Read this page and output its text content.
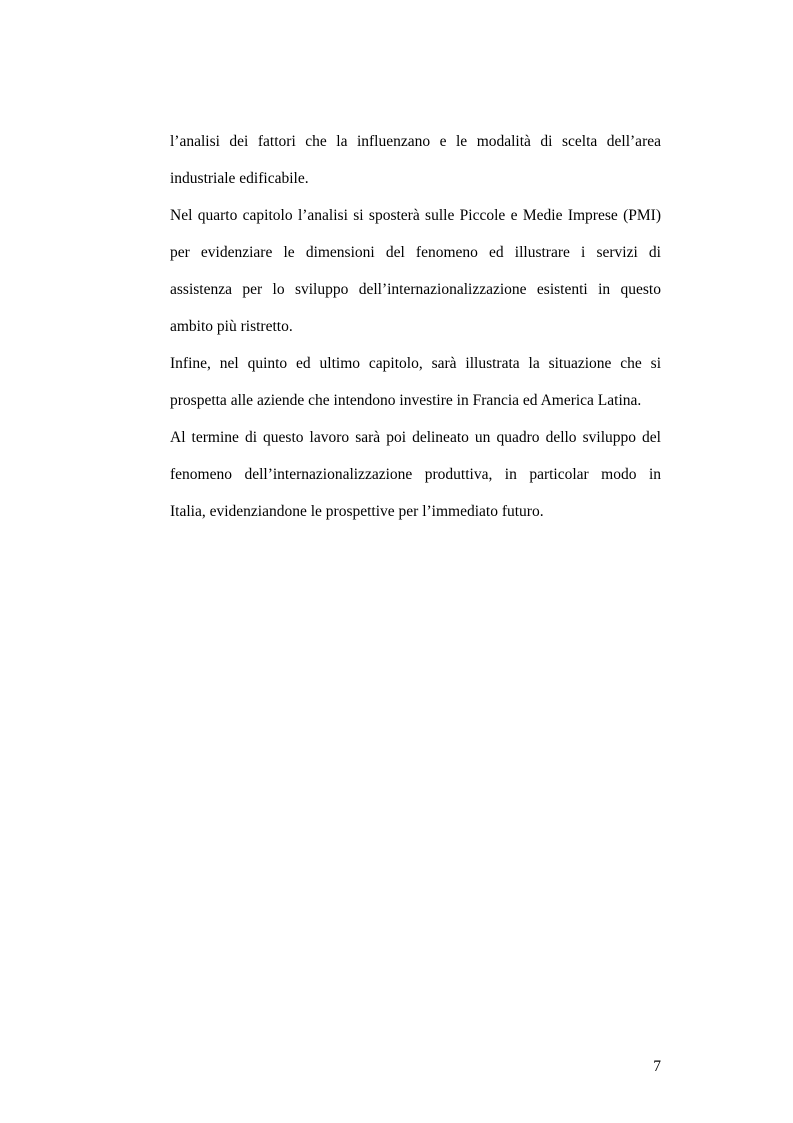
l’analisi dei fattori che la influenzano e le modalità di scelta dell’area
industriale edificabile.
Nel quarto capitolo l’analisi si sposterà sulle Piccole e Medie Imprese (PMI)
per evidenziare le dimensioni del fenomeno ed illustrare i servizi di
assistenza per lo sviluppo dell’internazionalizzazione esistenti in questo
ambito più ristretto.
Infine, nel quinto ed ultimo capitolo, sarà illustrata la situazione che si
prospetta alle aziende che intendono investire in Francia ed America Latina.
Al termine di questo lavoro sarà poi delineato un quadro dello sviluppo del
fenomeno dell’internazionalizzazione produttiva, in particolar modo in
Italia, evidenziandone le prospettive per l’immediato futuro.
7
